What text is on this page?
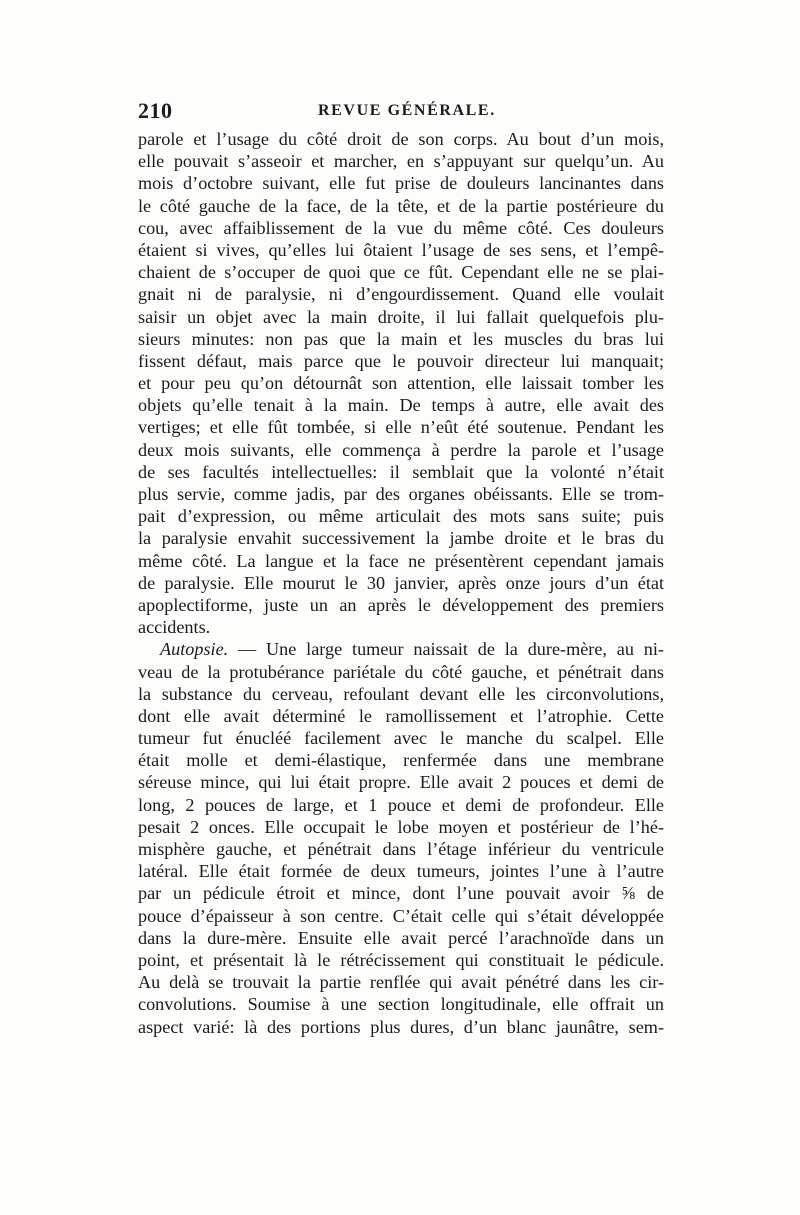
210	REVUE GÉNÉRALE.
parole et l’usage du côté droit de son corps. Au bout d’un mois,
elle pouvait s’asseoir et marcher, en s’appuyant sur quelqu’un. Au
mois d’octobre suivant, elle fut prise de douleurs lancinantes dans
le côté gauche de la face, de la tête, et de la partie postérieure du
cou, avec affaiblissement de la vue du même côté. Ces douleurs
étaient si vives, qu’elles lui ôtaient l’usage de ses sens, et l’empê-
chaient de s’occuper de quoi que ce fût. Cependant elle ne se plai-
gnait ni de paralysie, ni d’engourdissement. Quand elle voulait
saisir un objet avec la main droite, il lui fallait quelquefois plu-
sieurs minutes: non pas que la main et les muscles du bras lui
fissent défaut, mais parce que le pouvoir directeur lui manquait;
et pour peu qu’on détournât son attention, elle laissait tomber les
objets qu’elle tenait à la main. De temps à autre, elle avait des
vertiges; et elle fût tombée, si elle n’eût été soutenue. Pendant les
deux mois suivants, elle commença à perdre la parole et l’usage
de ses facultés intellectuelles: il semblait que la volonté n’était
plus servie, comme jadis, par des organes obéissants. Elle se trom-
pait d’expression, ou même articulait des mots sans suite; puis
la paralysie envahit successivement la jambe droite et le bras du
même côté. La langue et la face ne présentèrent cependant jamais
de paralysie. Elle mourut le 30 janvier, après onze jours d’un état
apoplectiforme, juste un an après le développement des premiers
accidents.
Autopsie. — Une large tumeur naissait de la dure-mère, au ni-
veau de la protubérance pariétale du côté gauche, et pénétrait dans
la substance du cerveau, refoulant devant elle les circonvolutions,
dont elle avait déterminé le ramollissement et l’atrophie. Cette
tumeur fut énucléé facilement avec le manche du scalpel. Elle
était molle et demi-élastique, renfermée dans une membrane
séreuse mince, qui lui était propre. Elle avait 2 pouces et demi de
long, 2 pouces de large, et 1 pouce et demi de profondeur. Elle
pesait 2 onces. Elle occupait le lobe moyen et postérieur de l’hé-
misphère gauche, et pénétrait dans l’étage inférieur du ventricule
latéral. Elle était formée de deux tumeurs, jointes l’une à l’autre
par un pédicule étroit et mince, dont l’une pouvait avoir ⅝ de
pouce d’épaisseur à son centre. C’était celle qui s’était développée
dans la dure-mère. Ensuite elle avait percé l’arachnoïde dans un
point, et présentait là le rétrécissement qui constituait le pédicule.
Au delà se trouvait la partie renflée qui avait pénétré dans les cir-
convolutions. Soumise à une section longitudinale, elle offrait un
aspect varié: là des portions plus dures, d’un blanc jaunâtre, sem-
